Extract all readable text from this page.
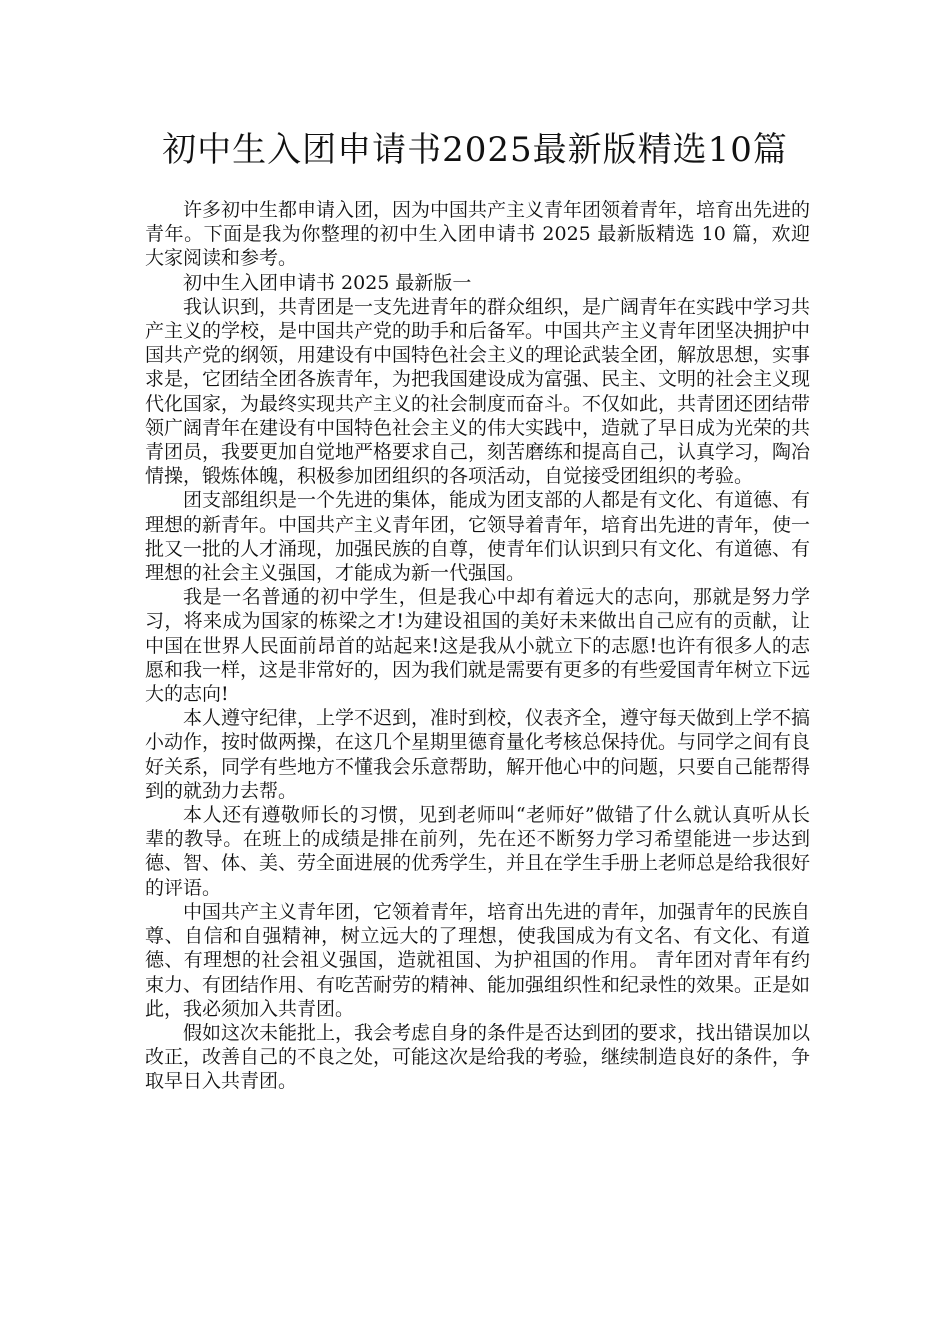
初中生入团申请书2025最新版精选10篇

许多初中生都申请入团，因为中国共产主义青年团领着青年，培育出先进的青年。下面是我为你整理的初中生入团申请书 2025 最新版精选 10 篇，欢迎大家阅读和参考。

初中生入团申请书 2025 最新版一

我认识到，共青团是一支先进青年的群众组织，是广阔青年在实践中学习共产主义的学校，是中国共产党的助手和后备军。中国共产主义青年团坚决拥护中国共产党的纲领，用建设有中国特色社会主义的理论武装全团，解放思想，实事求是，它团结全团各族青年，为把我国建设成为富强、民主、文明的社会主义现代化国家，为最终实现共产主义的社会制度而奋斗。不仅如此，共青团还团结带领广阔青年在建设有中国特色社会主义的伟大实践中，造就了早日成为光荣的共青团员，我要更加自觉地严格要求自己，刻苦磨练和提高自己，认真学习，陶冶情操，锻炼体魄，积极参加团组织的各项活动，自觉接受团组织的考验。

团支部组织是一个先进的集体，能成为团支部的人都是有文化、有道德、有理想的新青年。中国共产主义青年团，它领导着青年，培育出先进的青年，使一批又一批的人才涌现，加强民族的自尊，使青年们认识到只有文化、有道德、有理想的社会主义强国，才能成为新一代强国。

我是一名普通的初中学生，但是我心中却有着远大的志向，那就是努力学习，将来成为国家的栋梁之才!为建设祖国的美好未来做出自己应有的贡献，让中国在世界人民面前昂首的站起来!这是我从小就立下的志愿!也许有很多人的志愿和我一样，这是非常好的，因为我们就是需要有更多的有些爱国青年树立下远大的志向!

本人遵守纪律，上学不迟到，准时到校，仪表齐全，遵守每天做到上学不搞小动作，按时做两操，在这几个星期里德育量化考核总保持优。与同学之间有良好关系，同学有些地方不懂我会乐意帮助，解开他心中的问题，只要自己能帮得到的就劲力去帮。

本人还有遵敬师长的习惯，见到老师叫“老师好”做错了什么就认真听从长辈的教导。在班上的成绩是排在前列，先在还不断努力学习希望能进一步达到德、智、体、美、劳全面进展的优秀学生，并且在学生手册上老师总是给我很好的评语。

中国共产主义青年团，它领着青年，培育出先进的青年，加强青年的民族自尊、自信和自强精神，树立远大的了理想，使我国成为有文名、有文化、有道德、有理想的社会祖义强国，造就祖国、为护祖国的作用。 青年团对青年有约束力、有团结作用、有吃苦耐劳的精神、能加强组织性和纪录性的效果。正是如此，我必须加入共青团。

假如这次未能批上，我会考虑自身的条件是否达到团的要求，找出错误加以改正，改善自己的不良之处，可能这次是给我的考验，继续制造良好的条件，争取早日入共青团。
